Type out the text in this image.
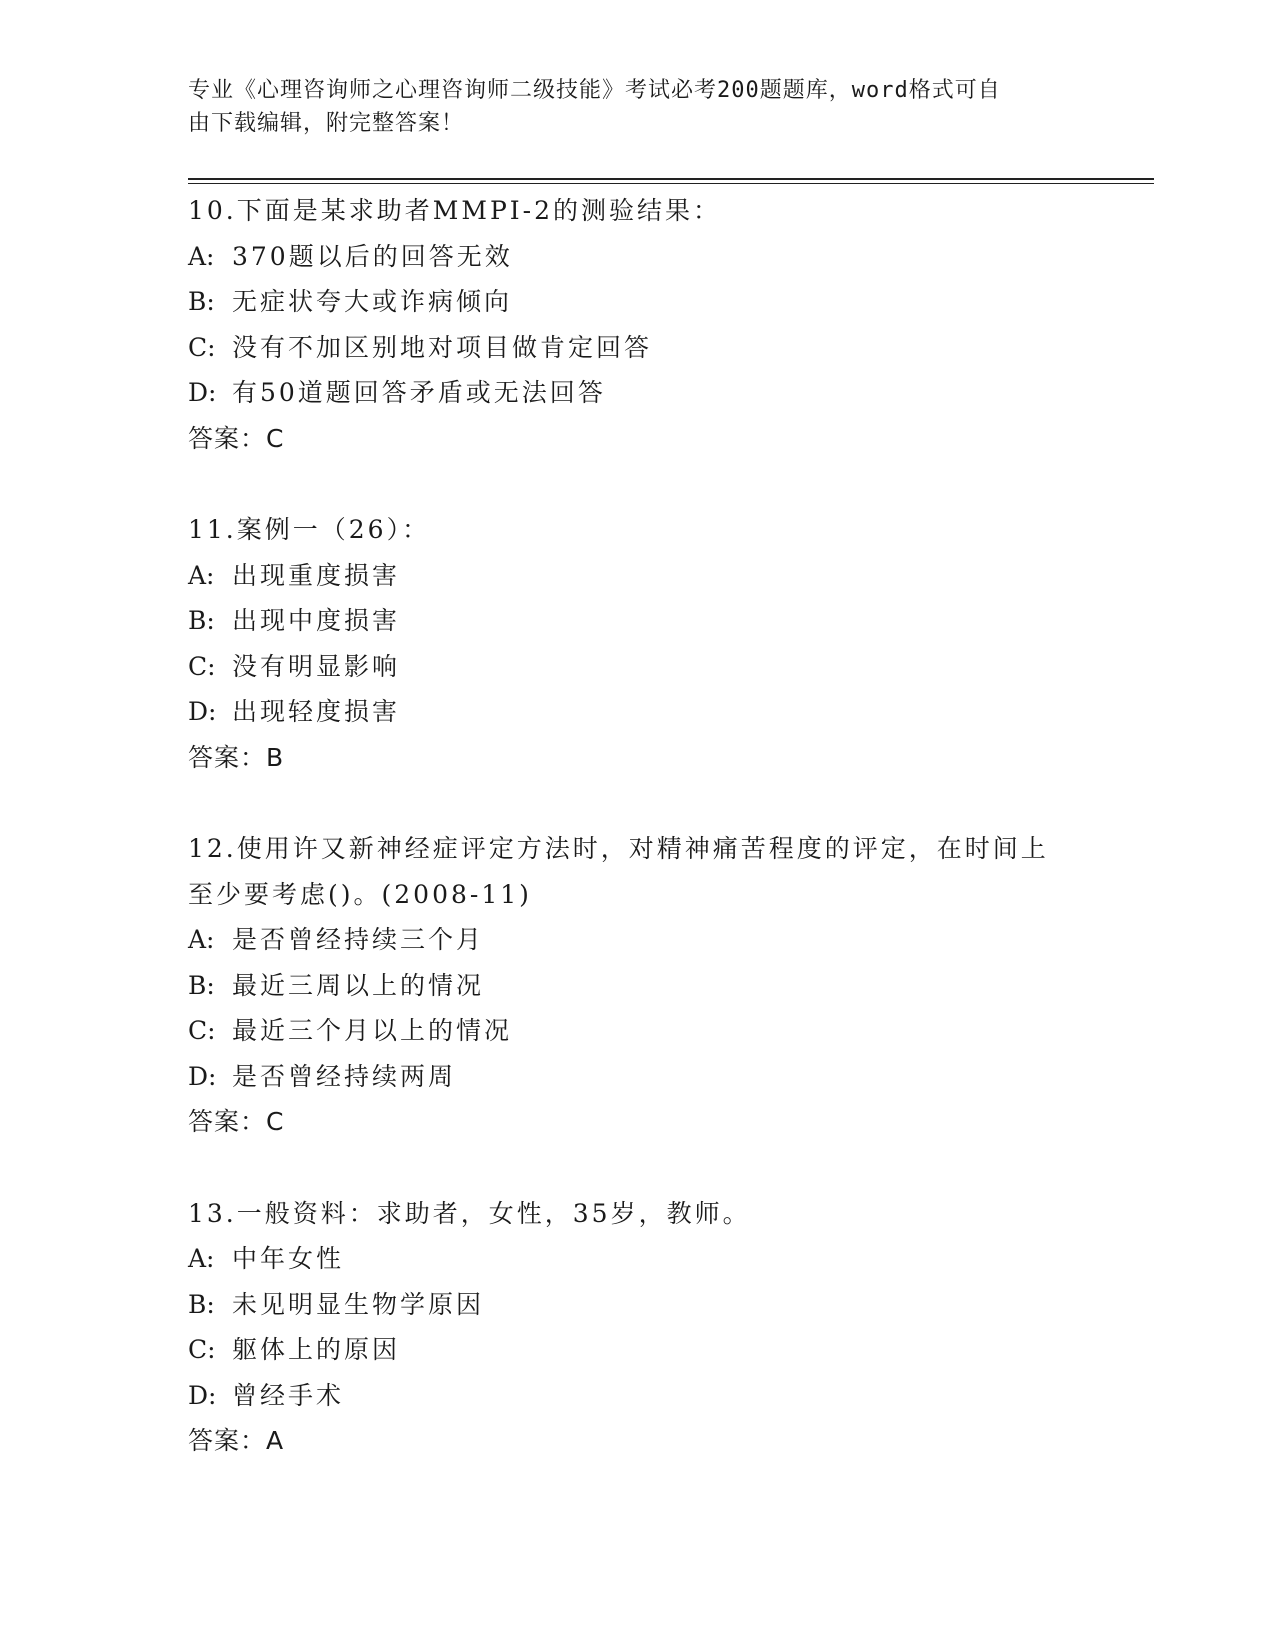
专业《心理咨询师之心理咨询师二级技能》考试必考200题题库，word格式可自
由下载编辑，附完整答案！
10.下面是某求助者MMPI-2的测验结果：
A: 370题以后的回答无效
B: 无症状夸大或诈病倾向
C: 没有不加区别地对项目做肯定回答
D: 有50道题回答矛盾或无法回答
答案：C
11.案例一（26）：
A: 出现重度损害
B: 出现中度损害
C: 没有明显影响
D: 出现轻度损害
答案：B
12.使用许又新神经症评定方法时，对精神痛苦程度的评定，在时间上
至少要考虑()。(2008-11)
A: 是否曾经持续三个月
B: 最近三周以上的情况
C: 最近三个月以上的情况
D: 是否曾经持续两周
答案：C
13.一般资料：求助者，女性，35岁，教师。
A: 中年女性
B: 未见明显生物学原因
C: 躯体上的原因
D: 曾经手术
答案：A
